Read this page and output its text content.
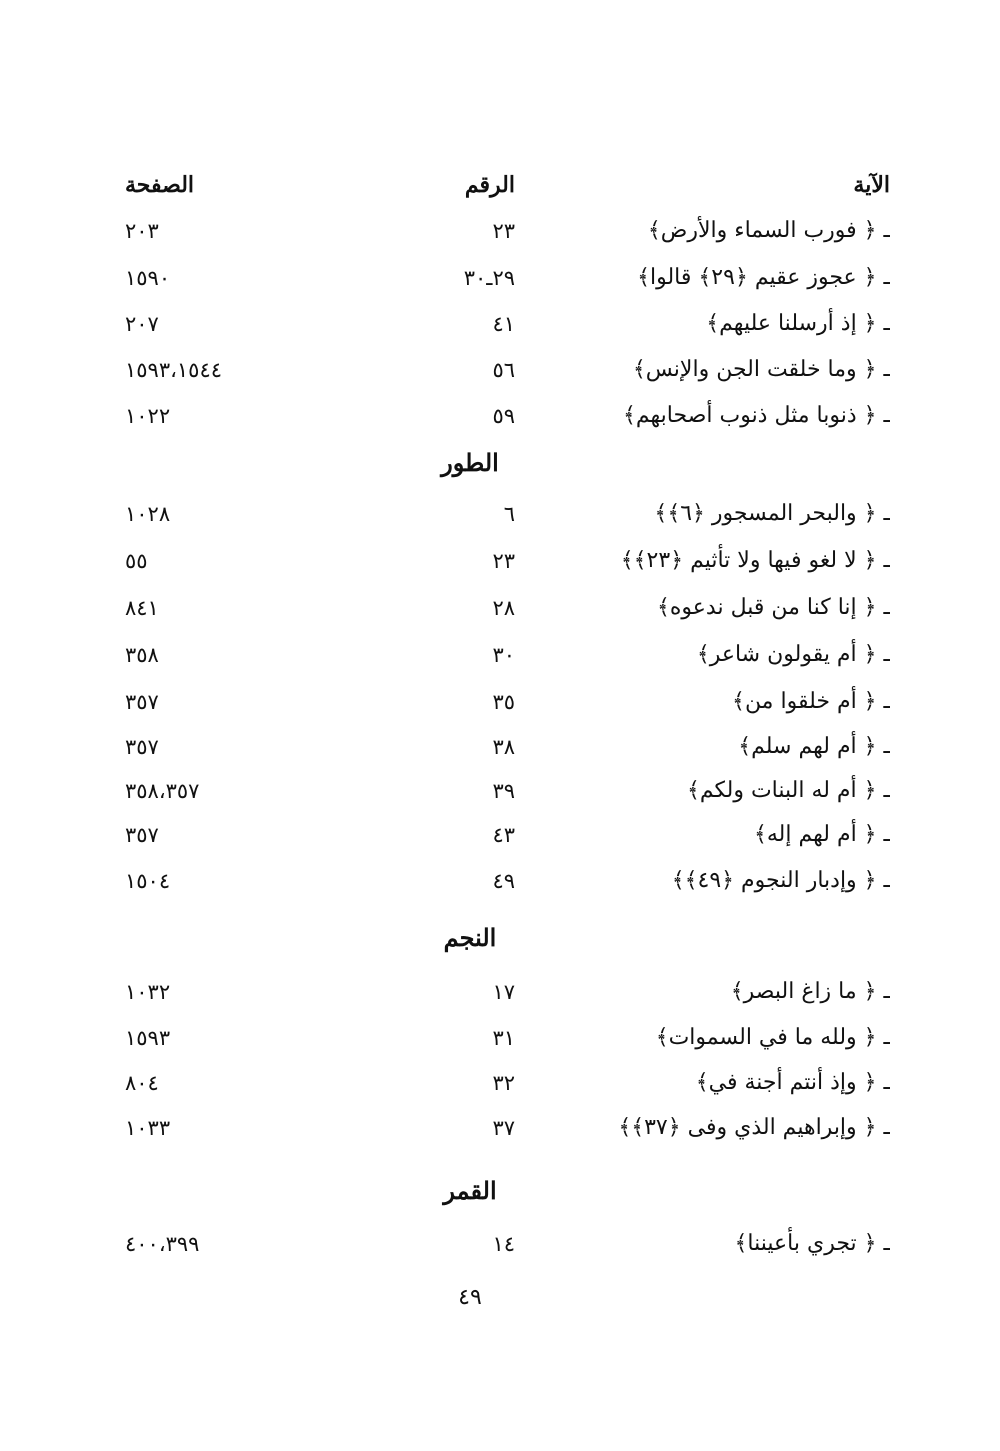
الآية
الرقم
الصفحة
ـ ﴿ فورب السماء والأرض﴾
٢٣
٢٠٣
ـ ﴿ عجوز عقيم ﴿٢٩﴾ قالوا﴾
٢٩ـ٣٠
١٥٩٠
ـ ﴿ إذ أرسلنا عليهم﴾
٤١
٢٠٧
ـ ﴿ وما خلقت الجن والإنس﴾
٥٦
١٥٩٣،١٥٤٤
ـ ﴿ ذنوبا مثل ذنوب أصحابهم﴾
٥٩
١٠٢٢
الطور
ـ ﴿ والبحر المسجور ﴿٦﴾﴾
٦
١٠٢٨
ـ ﴿ لا لغو فيها ولا تأثيم ﴿٢٣﴾﴾
٢٣
٥٥
ـ ﴿ إنا كنا من قبل ندعوه﴾
٢٨
٨٤١
ـ ﴿ أم يقولون شاعر﴾
٣٠
٣٥٨
ـ ﴿ أم خلقوا من﴾
٣٥
٣٥٧
ـ ﴿ أم لهم سلم﴾
٣٨
٣٥٧
ـ ﴿ أم له البنات ولكم﴾
٣٩
٣٥٨،٣٥٧
ـ ﴿ أم لهم إله﴾
٤٣
٣٥٧
ـ ﴿ وإدبار النجوم ﴿٤٩﴾﴾
٤٩
١٥٠٤
النجم
ـ ﴿ ما زاغ البصر﴾
١٧
١٠٣٢
ـ ﴿ ولله ما في السموات﴾
٣١
١٥٩٣
ـ ﴿ وإذ أنتم أجنة في﴾
٣٢
٨٠٤
ـ ﴿ وإبراهيم الذي وفى ﴿٣٧﴾﴾
٣٧
١٠٣٣
القمر
ـ ﴿ تجري بأعيننا﴾
١٤
٤٠٠،٣٩٩
٤٩
